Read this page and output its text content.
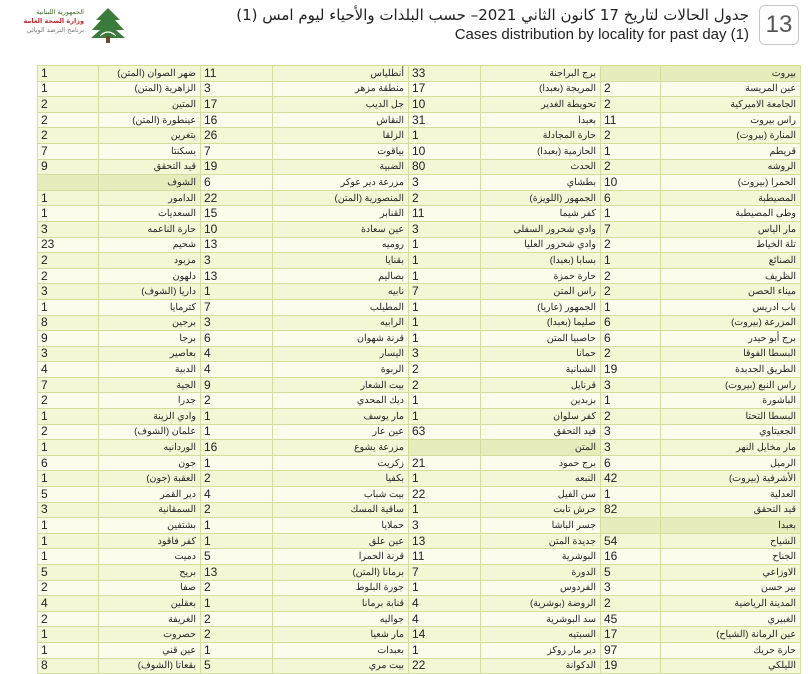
الجمهورية اللبنانية
وزارة الصحة العامة
برنامج الترصد الوبائي	13
جدول الحالات لتاريخ 17 كانون الثاني 2021– حسب البلدات والأحياء ليوم امس (1)
Cases distribution by locality for past day (1)
بيروت		برج البراجنة	33	أنطلياس	11	ضهر الصوان (المتن)	1
عين المريسة	2	المريجة (بعبدا)	17	منطقة مزهر	3	الزاهرية (المتن)	1
الجامعة الاميركية	2	تحويطة الغدير	10	جل الديب	17	المتين	2
راس بيروت	11	بعبدا	31	النقاش	16	عينطورة (المتن)	2
المنارة (بيروت)	2	حارة المجادلة	1	الزلقا	26	بتغرين	2
قريطم	1	الحازمية (بعبدا)	10	بياقوت	7	بسكنتا	7
الروشه	2	الحدث	80	الضبية	19	قيد التحقق	9
الحمرا (بيروت)	10	بطشاي	3	مزرعة دير عوكر	6	الشوف	
المصيطبة	6	الجمهور (اللويزة)	2	المنصورية (المتن)	22	الدامور	1
وطى المصيطبة	1	كفر شيما	11	القنابر	15	السعديات	1
مار الياس	7	وادي شحرور السفلى	3	عين سعادة	10	حارة الناعمه	3
تلة الخياط	2	وادي شحرور العليا	1	روميه	13	شحيم	23
الصنائع	1	بسابا (بعبدا)	1	بقنايا	3	مزبود	2
الظريف	2	حارة حمزة	1	بصاليم	13	دلهون	2
ميناء الحصن	2	راس المتن	7	نابيه	1	داريا (الشوف)	3
باب ادريس	1	الجمهور (عاريا)	1	المطيلب	7	كترمايا	1
المزرعة (بيروت)	6	صليما (بعبدا)	1	الرابيه	3	برجين	8
برج أبو حيدر	6	حاصبيا المتن	1	قرنة شهوان	6	برجا	9
البسطا الفوقا	2	حمانا	3	اليسار	4	بعاصير	3
الطريق الجديدة	19	الشبانية	2	الربوة	4	الدبية	4
راس النبع (بيروت)	3	قرنايل	2	بيت الشعار	9	الجية	7
الباشورة	1	بزبدين	1	ديك المحدي	2	جدرا	2
البسطا التحتا	2	كفر سلوان	1	مار يوسف	1	وادي الزينة	1
الجعيتاوي	3	قيد التحقق	63	عين عار	1	علمان (الشوف)	2
مار مخايل النهر	3	المتن		مزرعة يشوع	16	الوردانيه	1
الرميل	6	برج حمود	21	زكريت	1	جون	6
الأشرفية (بيروت)	42	النبعه	1	بكفيا	2	العقبة (جون)	1
العدلية	1	سن الفيل	22	بيت شباب	4	دير القمر	5
قيد التحقق	82	حرش تابت	1	ساقية المسك	2	السمقانية	3
بعبدا		جسر الباشا	3	حملايا	1	بشتفين	1
الشياح	54	جديدة المتن	13	عين علق	1	كفر فاقود	1
الجناح	16	البوشرية	11	قرنة الحمرا	5	دميت	1
الاوزاعي	5	الدورة	7	برمانا (المتن)	13	بريح	5
بير حسن	3	الفردوس	1	جورة البلوط	2	صفا	2
المدينة الرياضية	2	الروضة (بوشرية)	4	قنابة برمانا	1	بعقلين	4
الغبيري	45	سد البوشرية	4	جواليه	2	الغريفة	2
عين الرمانة (الشياح)	17	السبتيه	14	مار شعيا	2	حصروت	1
حارة حريك	97	دير مار روكز	1	بعبدات	1	عين قني	1
الليلكي	19	الدكوانة	22	بيت مري	5	بقعاتا (الشوف)	8
